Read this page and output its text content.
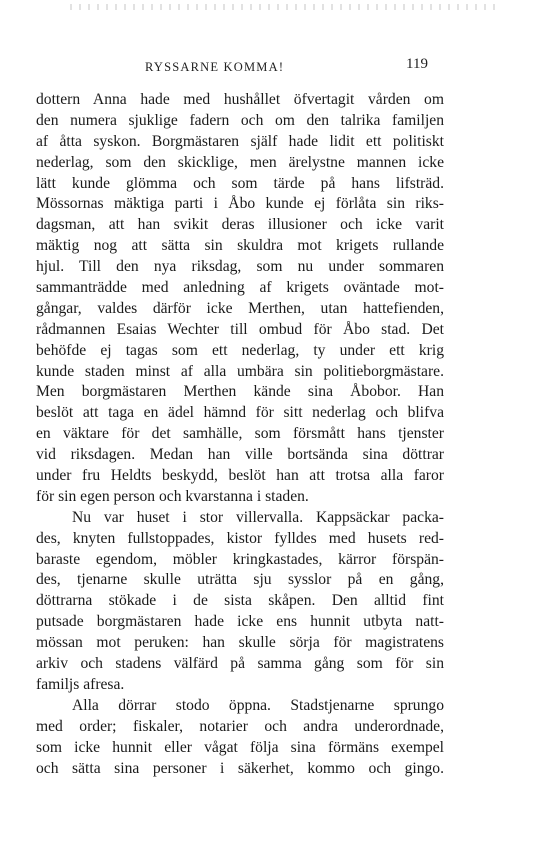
RYSSARNE KOMMA!	119
dottern Anna hade med hushållet öfvertagit vården om
den numera sjuklige fadern och om den talrika familjen
af åtta syskon. Borgmästaren själf hade lidit ett politiskt
nederlag, som den skicklige, men ärelystne mannen icke
lätt kunde glömma och som tärde på hans lifsträd.
Mössornas mäktiga parti i Åbo kunde ej förlåta sin riks-
dagsman, att han svikit deras illusioner och icke varit
mäktig nog att sätta sin skuldra mot krigets rullande
hjul. Till den nya riksdag, som nu under sommaren
sammanträdde med anledning af krigets oväntade mot-
gångar, valdes därför icke Merthen, utan hattefienden,
rådmannen Esaias Wechter till ombud för Åbo stad. Det
behöfde ej tagas som ett nederlag, ty under ett krig
kunde staden minst af alla umbära sin politieborgmästare.
Men borgmästaren Merthen kände sina Åbobor. Han
beslöt att taga en ädel hämnd för sitt nederlag och blifva
en väktare för det samhälle, som försmått hans tjenster
vid riksdagen. Medan han ville bortsända sina döttrar
under fru Heldts beskydd, beslöt han att trotsa alla faror
för sin egen person och kvarstanna i staden.
Nu var huset i stor villervalla. Kappsäckar packa-
des, knyten fullstoppades, kistor fylldes med husets red-
baraste egendom, möbler kringkastades, kärror förspän-
des, tjenarne skulle uträtta sju sysslor på en gång,
döttrarna stökade i de sista skåpen. Den alltid fint
putsade borgmästaren hade icke ens hunnit utbyta natt-
mössan mot peruken: han skulle sörja för magistratens
arkiv och stadens välfärd på samma gång som för sin
familjs afresa.
Alla dörrar stodo öppna. Stadstjenarne sprungo
med order; fiskaler, notarier och andra underordnade,
som icke hunnit eller vågat följa sina förmäns exempel
och sätta sina personer i säkerhet, kommo och gingo.
